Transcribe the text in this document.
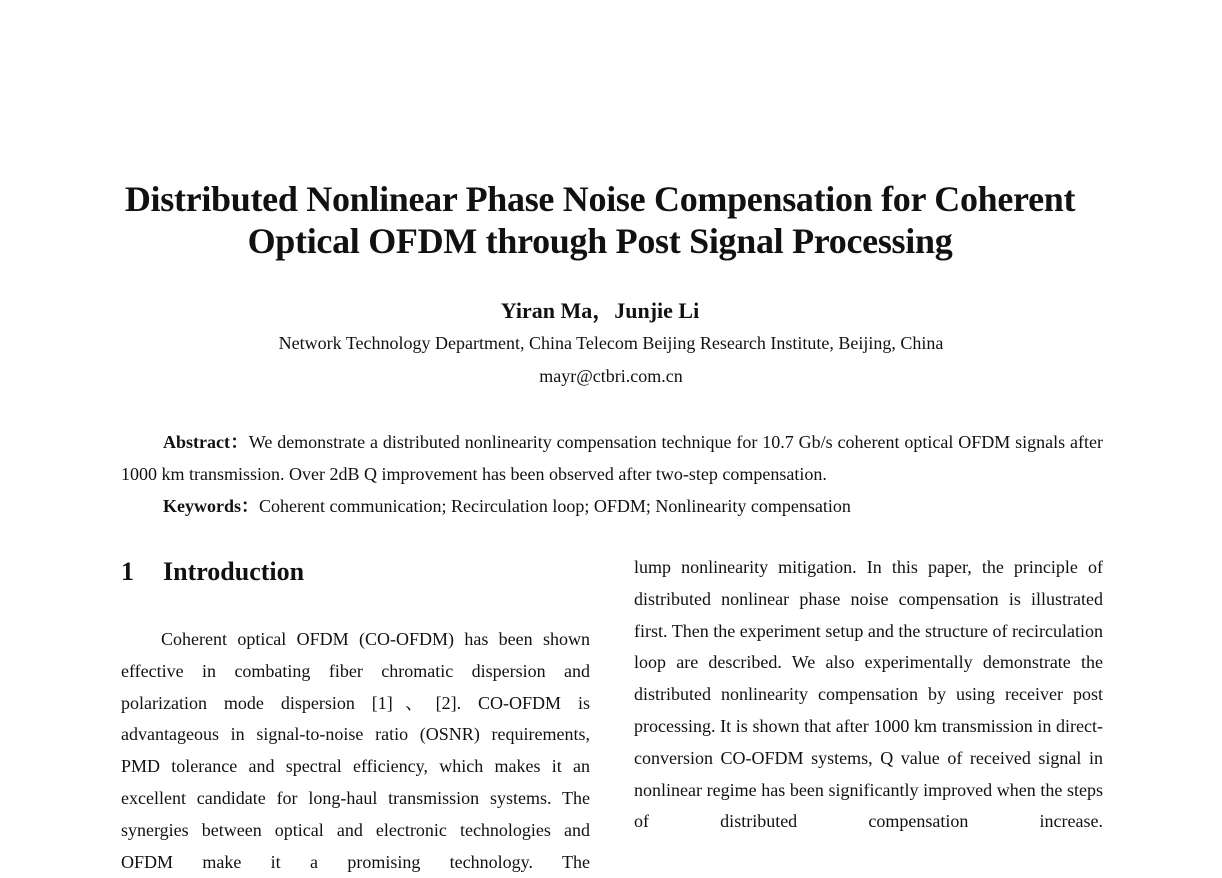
Distributed Nonlinear Phase Noise Compensation for Coherent
Optical OFDM through Post Signal Processing
Yiran Ma，Junjie Li
Network Technology Department, China Telecom Beijing Research Institute, Beijing, China
mayr@ctbri.com.cn

Abstract：We demonstrate a distributed nonlinearity compensation technique for 10.7 Gb/s coherent optical OFDM signals after 1000 km transmission. Over 2dB Q improvement has been observed after two-step compensation.

Keywords：Coherent communication; Recirculation loop; OFDM; Nonlinearity compensation

1 Introduction

Coherent optical OFDM (CO-OFDM) has been shown effective in combating fiber chromatic dispersion and polarization mode dispersion [1]、[2]. CO-OFDM is advantageous in signal-to-noise ratio (OSNR) requirements, PMD tolerance and spectral efficiency, which makes it an excellent candidate for long-haul transmission systems. The synergies between optical and electronic technologies and OFDM make it a promising technology. The

lump nonlinearity mitigation. In this paper, the principle of distributed nonlinear phase noise compensation is illustrated first. Then the experiment setup and the structure of recirculation loop are described. We also experimentally demonstrate the distributed nonlinearity compensation by using receiver post processing. It is shown that after 1000 km transmission in direct-conversion CO-OFDM systems, Q value of received signal in nonlinear regime has been significantly improved when the steps of distributed compensation increase.
